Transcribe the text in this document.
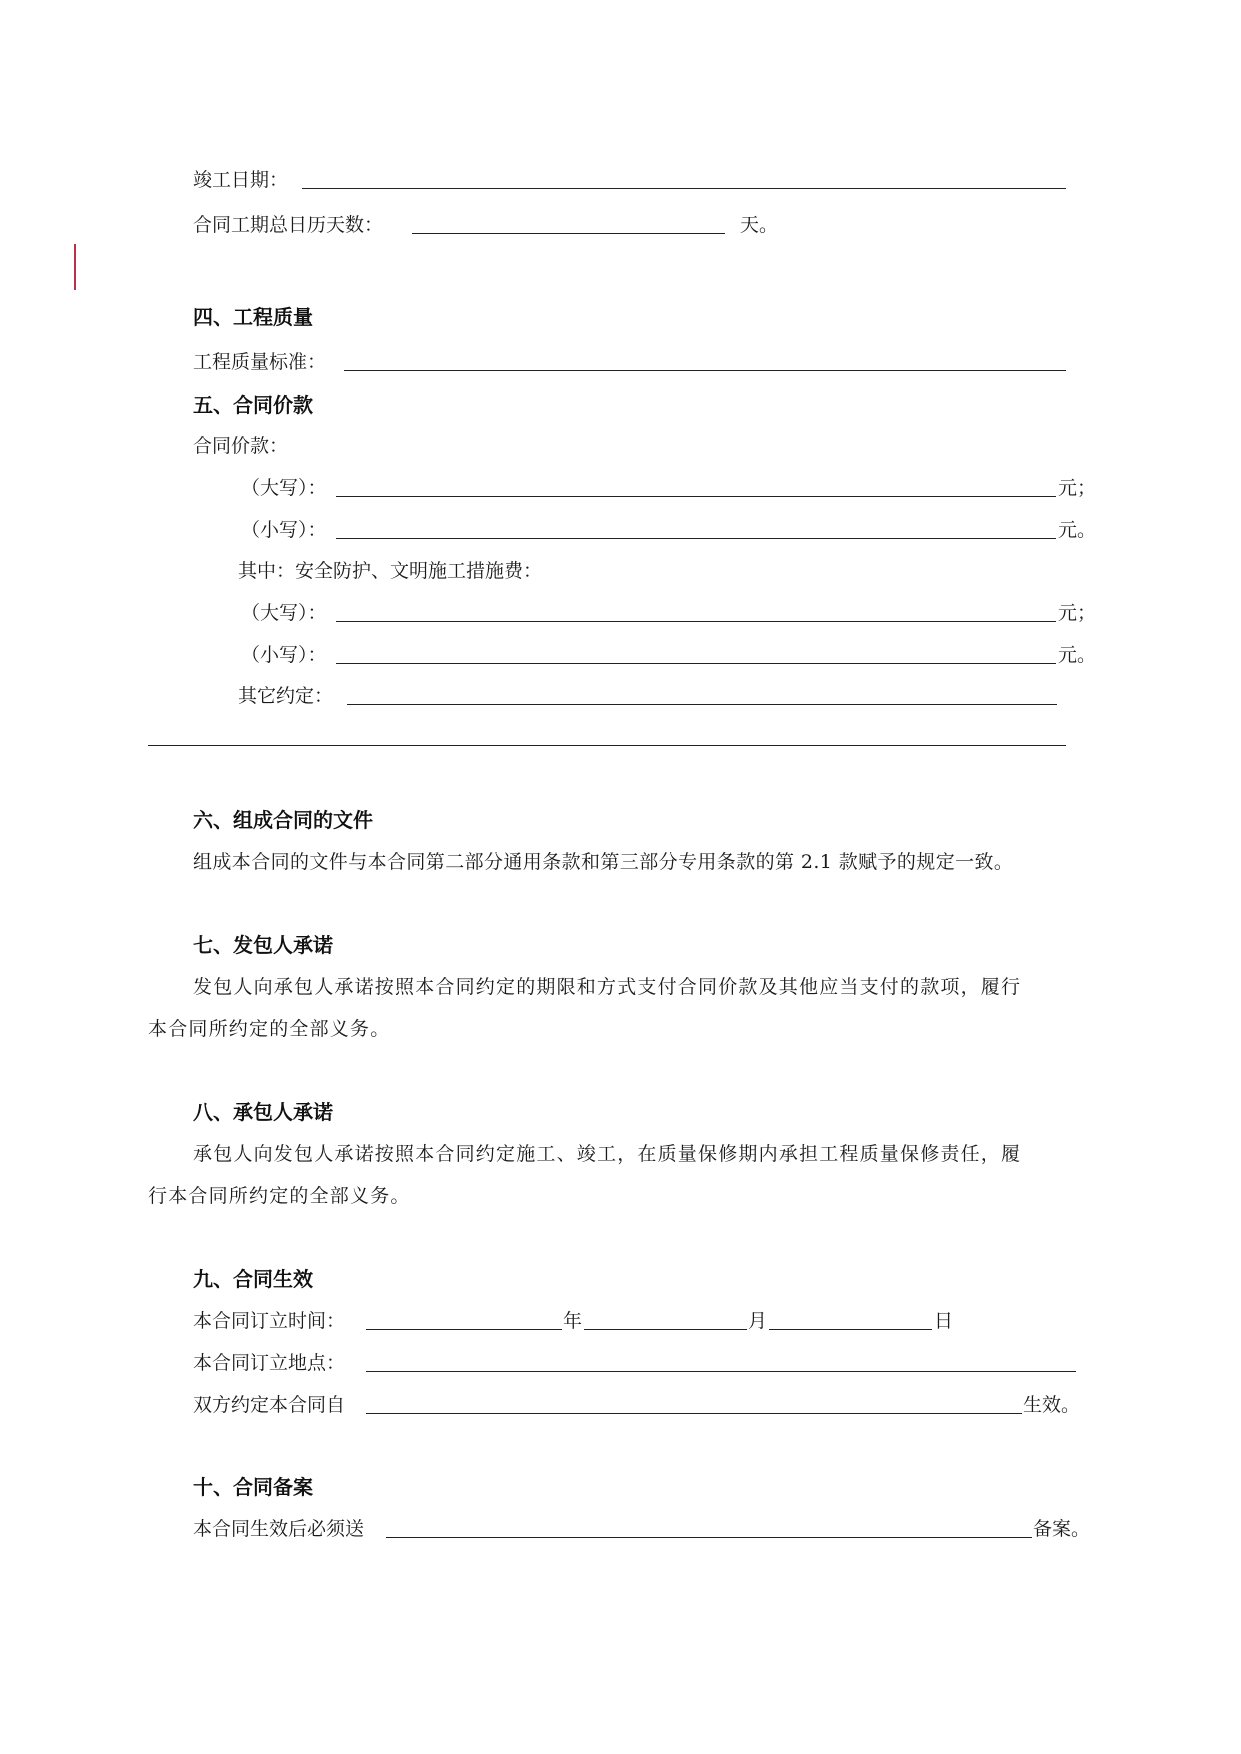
竣工日期：
合同工期总日历天数：	天。
四、工程质量
工程质量标准：
五、合同价款
合同价款：
（大写）：	元；
（小写）：	元。
其中：安全防护、文明施工措施费：
（大写）：	元；
（小写）：	元。
其它约定：
六、组成合同的文件
组成本合同的文件与本合同第二部分通用条款和第三部分专用条款的第 2.1 款赋予的规定一致。
七、发包人承诺
发包人向承包人承诺按照本合同约定的期限和方式支付合同价款及其他应当支付的款项，履行
本合同所约定的全部义务。
八、承包人承诺
承包人向发包人承诺按照本合同约定施工、竣工，在质量保修期内承担工程质量保修责任，履
行本合同所约定的全部义务。
九、合同生效
本合同订立时间：	年	月	日
本合同订立地点：
双方约定本合同自	生效。
十、合同备案
本合同生效后必须送	备案。
